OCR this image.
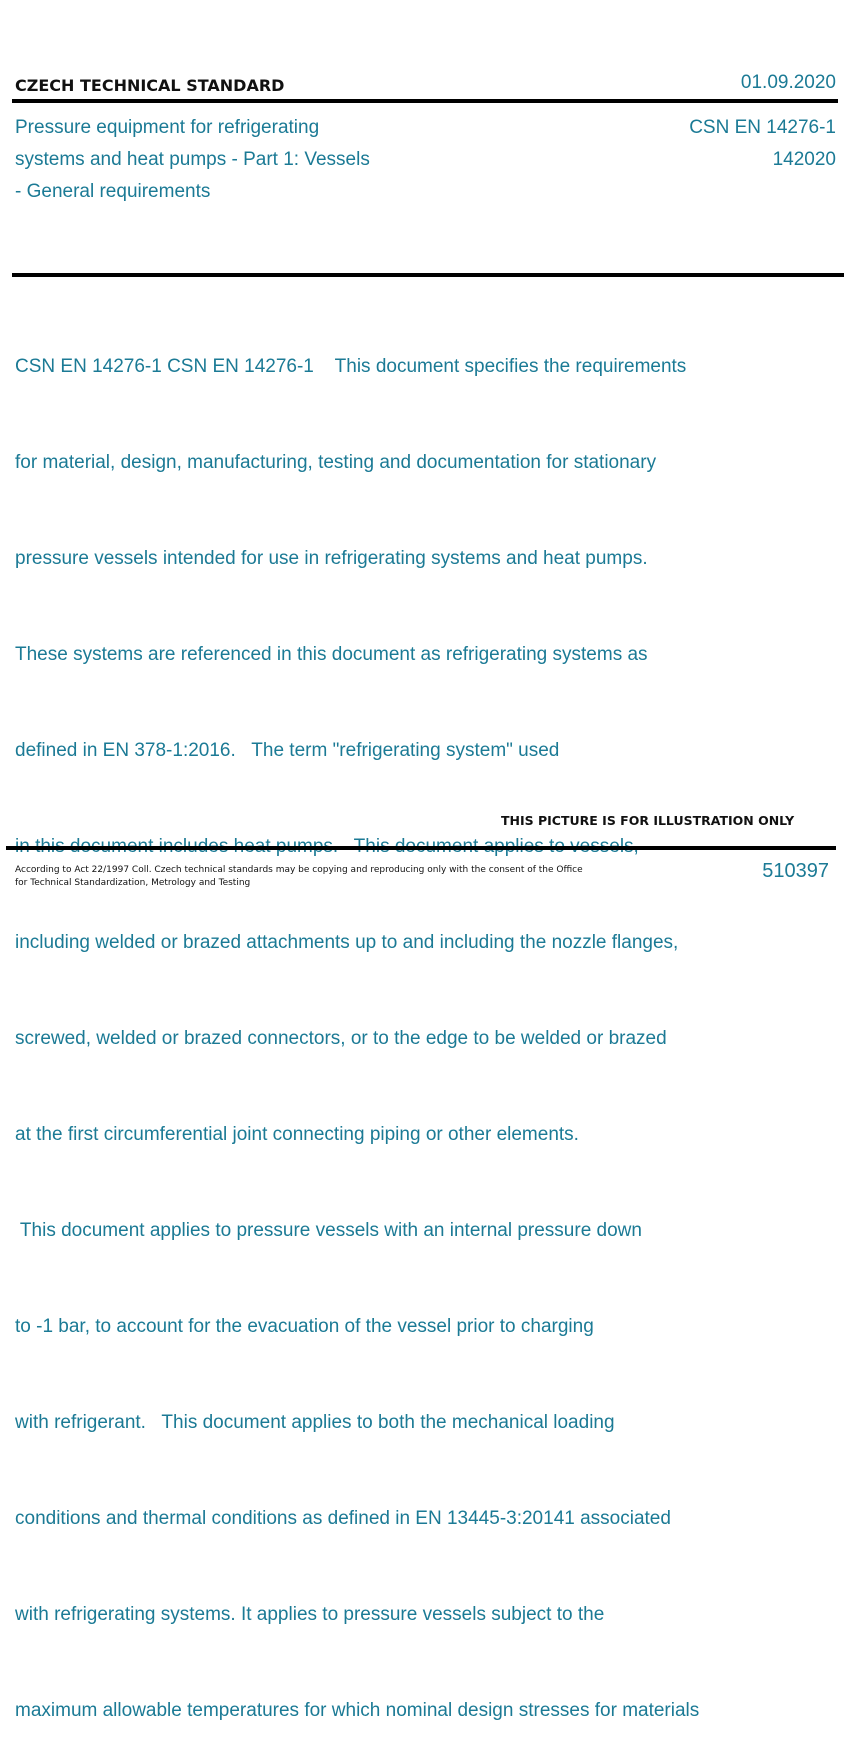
CZECH TECHNICAL STANDARD	01.09.2020
Pressure equipment for refrigerating
systems and heat pumps - Part 1: Vessels
- General requirements
CSN EN 14276-1
142020

CSN EN 14276-1 CSN EN 14276-1    This document specifies the requirements

for material, design, manufacturing, testing and documentation for stationary

pressure vessels intended for use in refrigerating systems and heat pumps.

These systems are referenced in this document as refrigerating systems as

defined in EN 378-1:2016.   The term "refrigerating system" used

including welded or brazed attachments up to and including the nozzle flanges,

screwed, welded or brazed connectors, or to the edge to be welded or brazed

at the first circumferential joint connecting piping or other elements.

This document applies to pressure vessels with an internal pressure down

to -1 bar, to account for the evacuation of the vessel prior to charging

with refrigerant.   This document applies to both the mechanical loading

conditions and thermal conditions as defined in EN 13445-3:20141 associated

with refrigerating systems. It applies to pressure vessels subject to the

maximum allowable temperatures for which nominal design stresses for materials

THIS PICTURE IS FOR ILLUSTRATION ONLY
According to Act 22/1997 Coll. Czech technical standards may be copying and reproducing only with the consent of the Office
for Technical Standardization, Metrology and Testing
510397
